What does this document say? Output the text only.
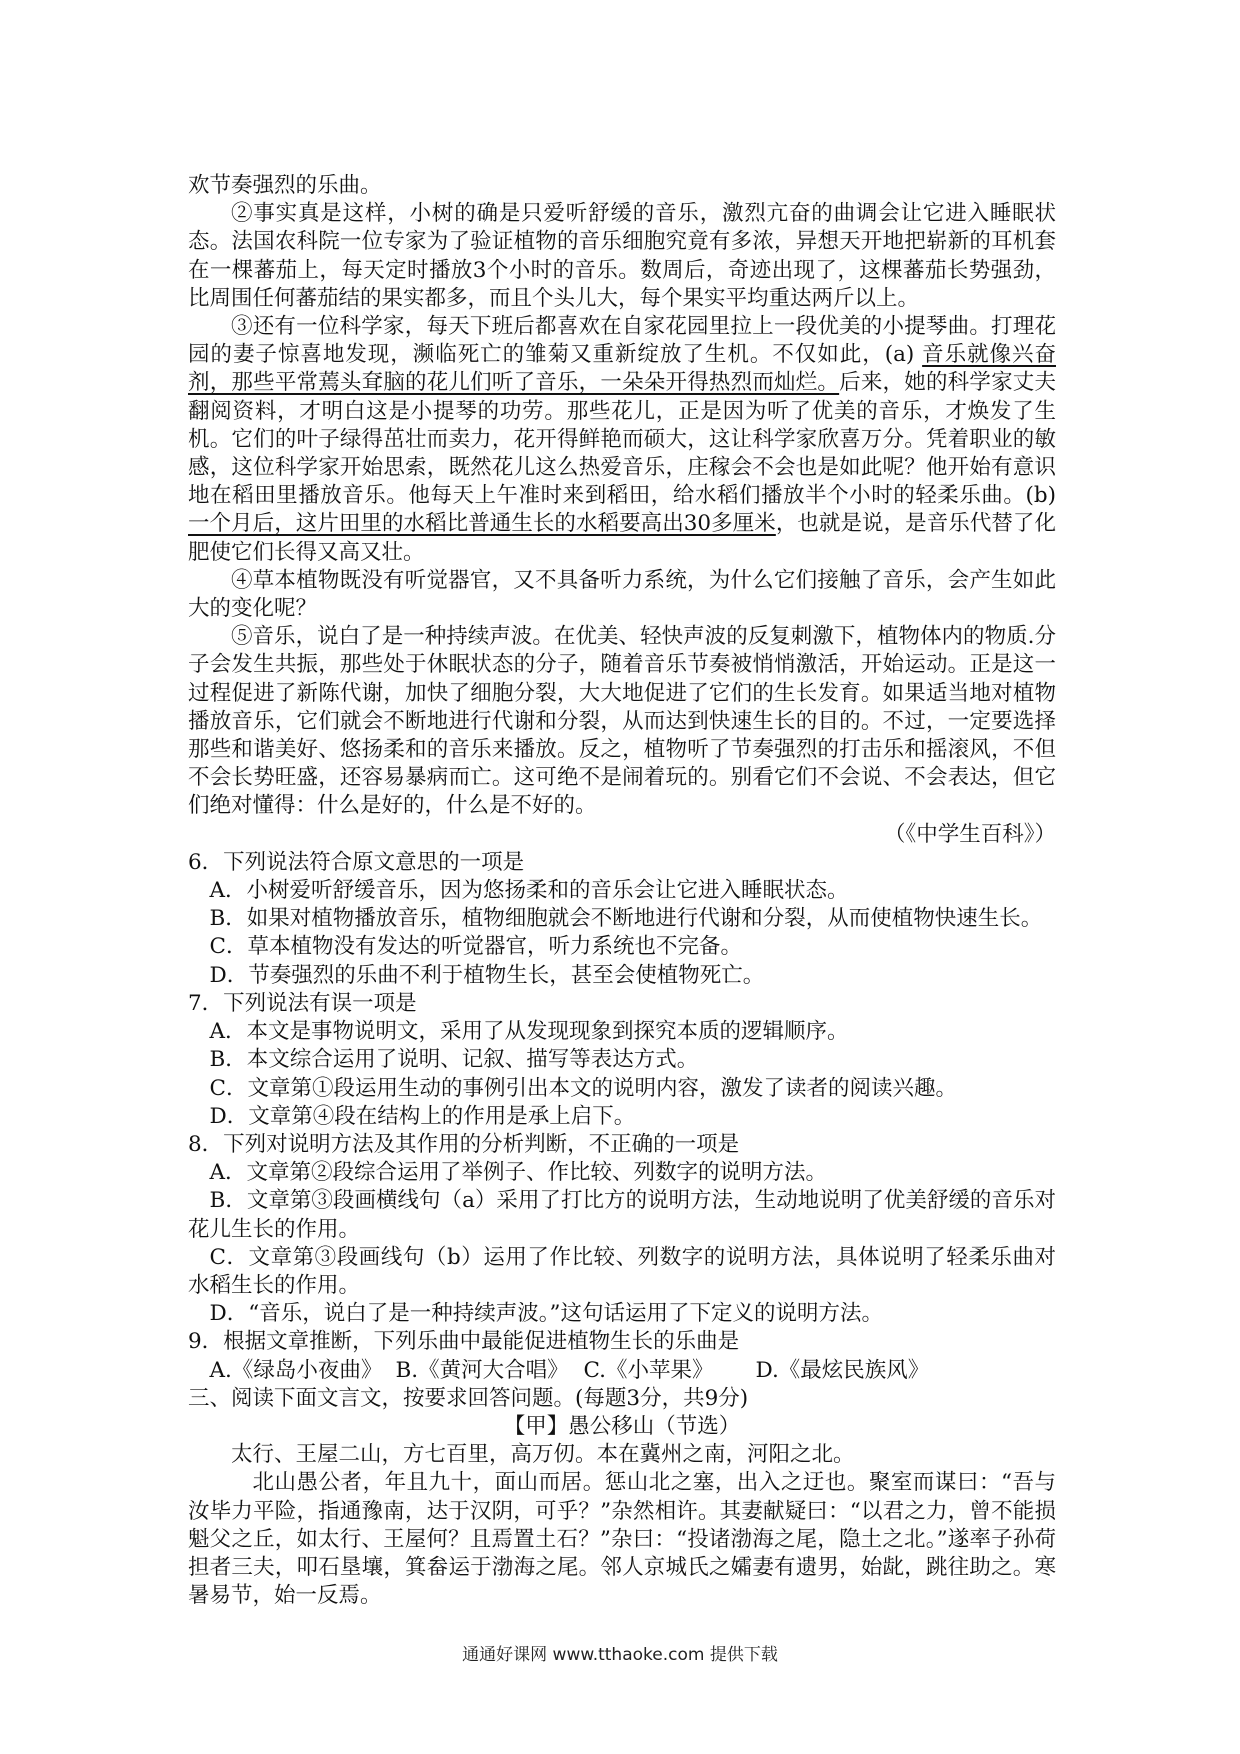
欢节奏强烈的乐曲。

②事实真是这样，小树的确是只爱听舒缓的音乐，激烈亢奋的曲调会让它进入睡眠状态。法国农科院一位专家为了验证植物的音乐细胞究竟有多浓，异想天开地把崭新的耳机套在一棵蕃茄上，每天定时播放3个小时的音乐。数周后，奇迹出现了，这棵蕃茄长势强劲，比周围任何蕃茄结的果实都多，而且个头儿大，每个果实平均重达两斤以上。

③还有一位科学家，每天下班后都喜欢在自家花园里拉上一段优美的小提琴曲。打理花园的妻子惊喜地发现，濒临死亡的雏菊又重新绽放了生机。不仅如此，(a) 音乐就像兴奋剂，那些平常蔫头耷脑的花儿们听了音乐，一朵朵开得热烈而灿烂。后来，她的科学家丈夫翻阅资料，才明白这是小提琴的功劳。那些花儿，正是因为听了优美的音乐，才焕发了生机。它们的叶子绿得茁壮而卖力，花开得鲜艳而硕大，这让科学家欣喜万分。凭着职业的敏感，这位科学家开始思索，既然花儿这么热爱音乐，庄稼会不会也是如此呢？他开始有意识地在稻田里播放音乐。他每天上午准时来到稻田，给水稻们播放半个小时的轻柔乐曲。(b) 一个月后，这片田里的水稻比普通生长的水稻要高出30多厘米，也就是说，是音乐代替了化肥使它们长得又高又壮。

④草本植物既没有听觉器官，又不具备听力系统，为什么它们接触了音乐，会产生如此大的变化呢？

⑤音乐，说白了是一种持续声波。在优美、轻快声波的反复刺激下，植物体内的物质.分子会发生共振，那些处于休眠状态的分子，随着音乐节奏被悄悄激活，开始运动。正是这一过程促进了新陈代谢，加快了细胞分裂，大大地促进了它们的生长发育。如果适当地对植物播放音乐，它们就会不断地进行代谢和分裂，从而达到快速生长的目的。不过，一定要选择那些和谐美好、悠扬柔和的音乐来播放。反之，植物听了节奏强烈的打击乐和摇滚风，不但不会长势旺盛，还容易暴病而亡。这可绝不是闹着玩的。别看它们不会说、不会表达，但它们绝对懂得：什么是好的，什么是不好的。

（《中学生百科》）

6．下列说法符合原文意思的一项是

A．小树爱听舒缓音乐，因为悠扬柔和的音乐会让它进入睡眠状态。

B．如果对植物播放音乐，植物细胞就会不断地进行代谢和分裂，从而使植物快速生长。

C．草本植物没有发达的听觉器官，听力系统也不完备。

D．节奏强烈的乐曲不利于植物生长，甚至会使植物死亡。

7．下列说法有误一项是

A．本文是事物说明文，采用了从发现现象到探究本质的逻辑顺序。

B．本文综合运用了说明、记叙、描写等表达方式。

C．文章第①段运用生动的事例引出本文的说明内容，激发了读者的阅读兴趣。

D．文章第④段在结构上的作用是承上启下。

8．下列对说明方法及其作用的分析判断，不正确的一项是

A．文章第②段综合运用了举例子、作比较、列数字的说明方法。

B．文章第③段画横线句（a）采用了打比方的说明方法，生动地说明了优美舒缓的音乐对花儿生长的作用。

C．文章第③段画线句（b）运用了作比较、列数字的说明方法，具体说明了轻柔乐曲对水稻生长的作用。

D．“音乐，说白了是一种持续声波。”这句话运用了下定义的说明方法。

9．根据文章推断，下列乐曲中最能促进植物生长的乐曲是

A.《绿岛小夜曲》 B.《黄河大合唱》 C.《小苹果》	D.《最炫民族风》

三、阅读下面文言文，按要求回答问题。(每题3分，共9分)

【甲】愚公移山（节选）

太行、王屋二山，方七百里，高万仞。本在冀州之南，河阳之北。

北山愚公者，年且九十，面山而居。惩山北之塞，出入之迂也。聚室而谋曰：“吾与汝毕力平险，指通豫南，达于汉阴，可乎？”杂然相许。其妻献疑曰：“以君之力，曾不能损魁父之丘，如太行、王屋何？且焉置土石？”杂曰：“投诸渤海之尾，隐土之北。”遂率子孙荷担者三夫，叩石垦壤，箕畚运于渤海之尾。邻人京城氏之孀妻有遗男，始龀，跳往助之。寒暑易节，始一反焉。

通通好课网 www.tthaoke.com 提供下载
